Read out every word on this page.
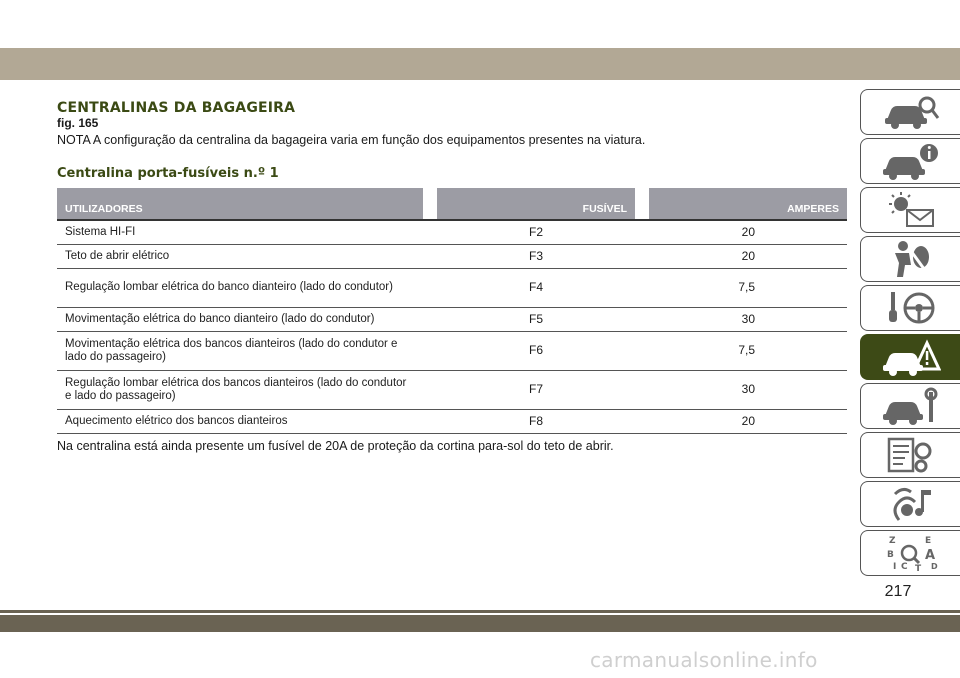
CENTRALINAS DA BAGAGEIRA
fig. 165
NOTA A configuração da centralina da bagageira varia em função dos equipamentos presentes na viatura.
Centralina porta-fusíveis n.º 1
UTILIZADORES		FUSÍVEL		AMPERES
Sistema HI-FI	F2			20
Teto de abrir elétrico	F3			20
Regulação lombar elétrica do banco dianteiro (lado do condutor)	F4			7,5
Movimentação elétrica do banco dianteiro (lado do condutor)	F5			30
Movimentação elétrica dos bancos dianteiros (lado do condutor e lado do passageiro)	F6			7,5
Regulação lombar elétrica dos bancos dianteiros (lado do condutor e lado do passageiro)	F7			30
Aquecimento elétrico dos bancos dianteiros	F8			20
Na centralina está ainda presente um fusível de 20A de proteção da cortina para-sol do teto de abrir.
Z	E
B A
I C T D
217
carmanualsonline.info
